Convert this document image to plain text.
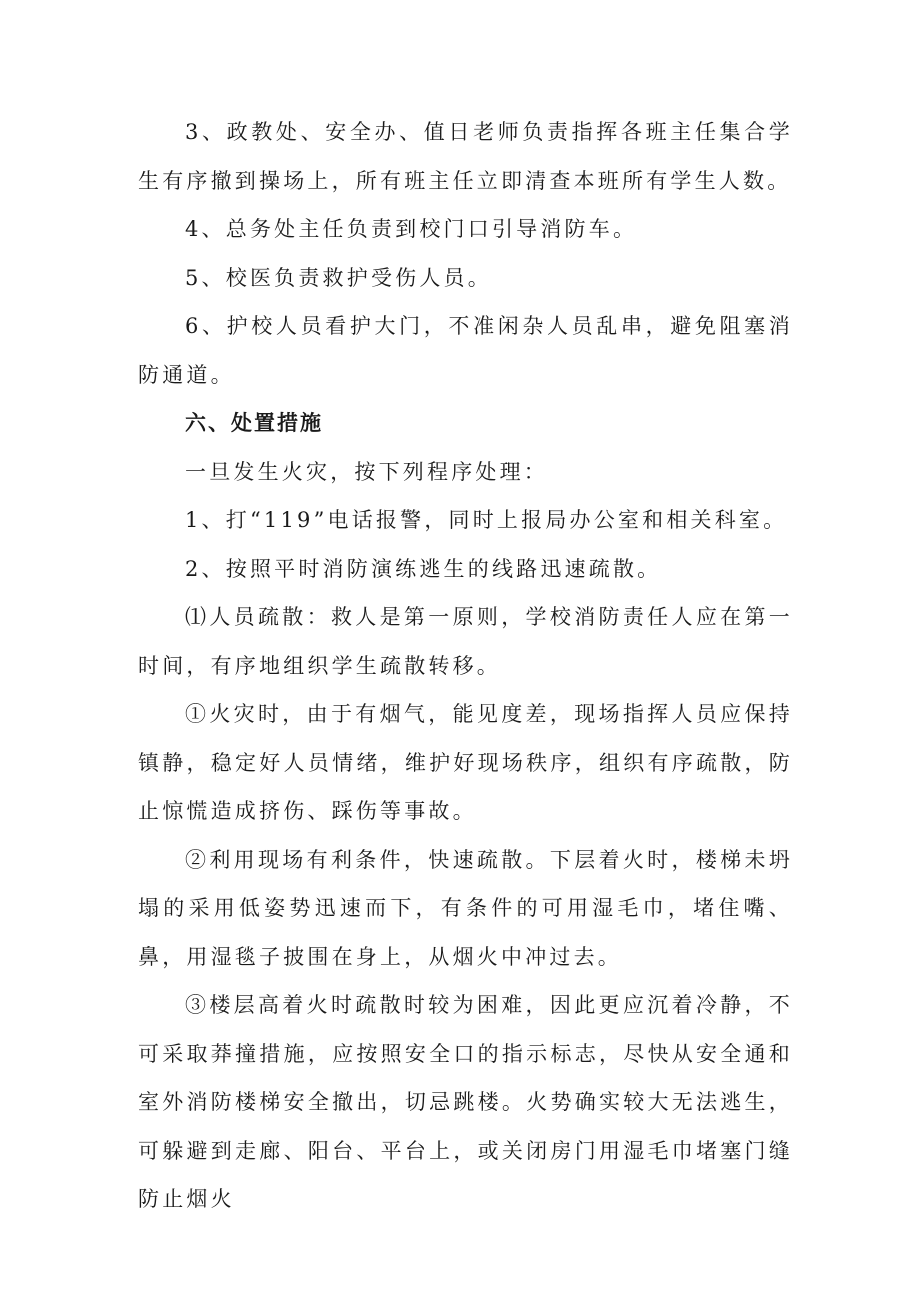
3、政教处、安全办、值日老师负责指挥各班主任集合学生有序撤到操场上，所有班主任立即清查本班所有学生人数。

4、总务处主任负责到校门口引导消防车。

5、校医负责救护受伤人员。

6、护校人员看护大门，不准闲杂人员乱串，避免阻塞消防通道。

六、处置措施

一旦发生火灾，按下列程序处理：

1、打“119”电话报警，同时上报局办公室和相关科室。

2、按照平时消防演练逃生的线路迅速疏散。

⑴人员疏散：救人是第一原则，学校消防责任人应在第一时间，有序地组织学生疏散转移。

①火灾时，由于有烟气，能见度差，现场指挥人员应保持镇静，稳定好人员情绪，维护好现场秩序，组织有序疏散，防止惊慌造成挤伤、踩伤等事故。

②利用现场有利条件，快速疏散。下层着火时，楼梯未坍塌的采用低姿势迅速而下，有条件的可用湿毛巾，堵住嘴、鼻，用湿毯子披围在身上，从烟火中冲过去。

③楼层高着火时疏散时较为困难，因此更应沉着冷静，不可采取莽撞措施，应按照安全口的指示标志，尽快从安全通和室外消防楼梯安全撤出，切忌跳楼。火势确实较大无法逃生，可躲避到走廊、阳台、平台上，或关闭房门用湿毛巾堵塞门缝防止烟火
